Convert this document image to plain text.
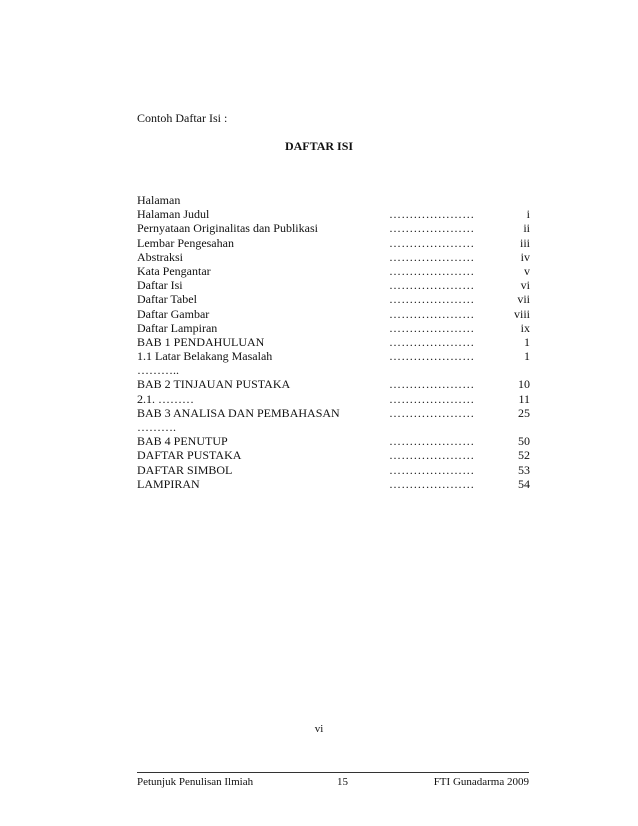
Contoh Daftar Isi :
DAFTAR ISI
Halaman
Halaman Judul	…………………	i
Pernyataan Originalitas dan Publikasi	…………………	ii
Lembar Pengesahan	…………………	iii
Abstraksi	…………………	iv
Kata Pengantar	…………………	v
Daftar Isi	…………………	vi
Daftar Tabel	…………………	vii
Daftar Gambar	…………………	viii
Daftar Lampiran	…………………	ix
BAB 1 PENDAHULUAN	…………………	1
1.1 Latar Belakang Masalah	…………………	1
………..
BAB 2 TINJAUAN PUSTAKA	…………………	10
2.1. ………	…………………	11
BAB 3 ANALISA DAN PEMBAHASAN	…………………	25
……….
BAB 4 PENUTUP	…………………	50
DAFTAR PUSTAKA	…………………	52
DAFTAR SIMBOL	…………………	53
LAMPIRAN	…………………	54
vi
Petunjuk Penulisan Ilmiah	15	FTI Gunadarma 2009
